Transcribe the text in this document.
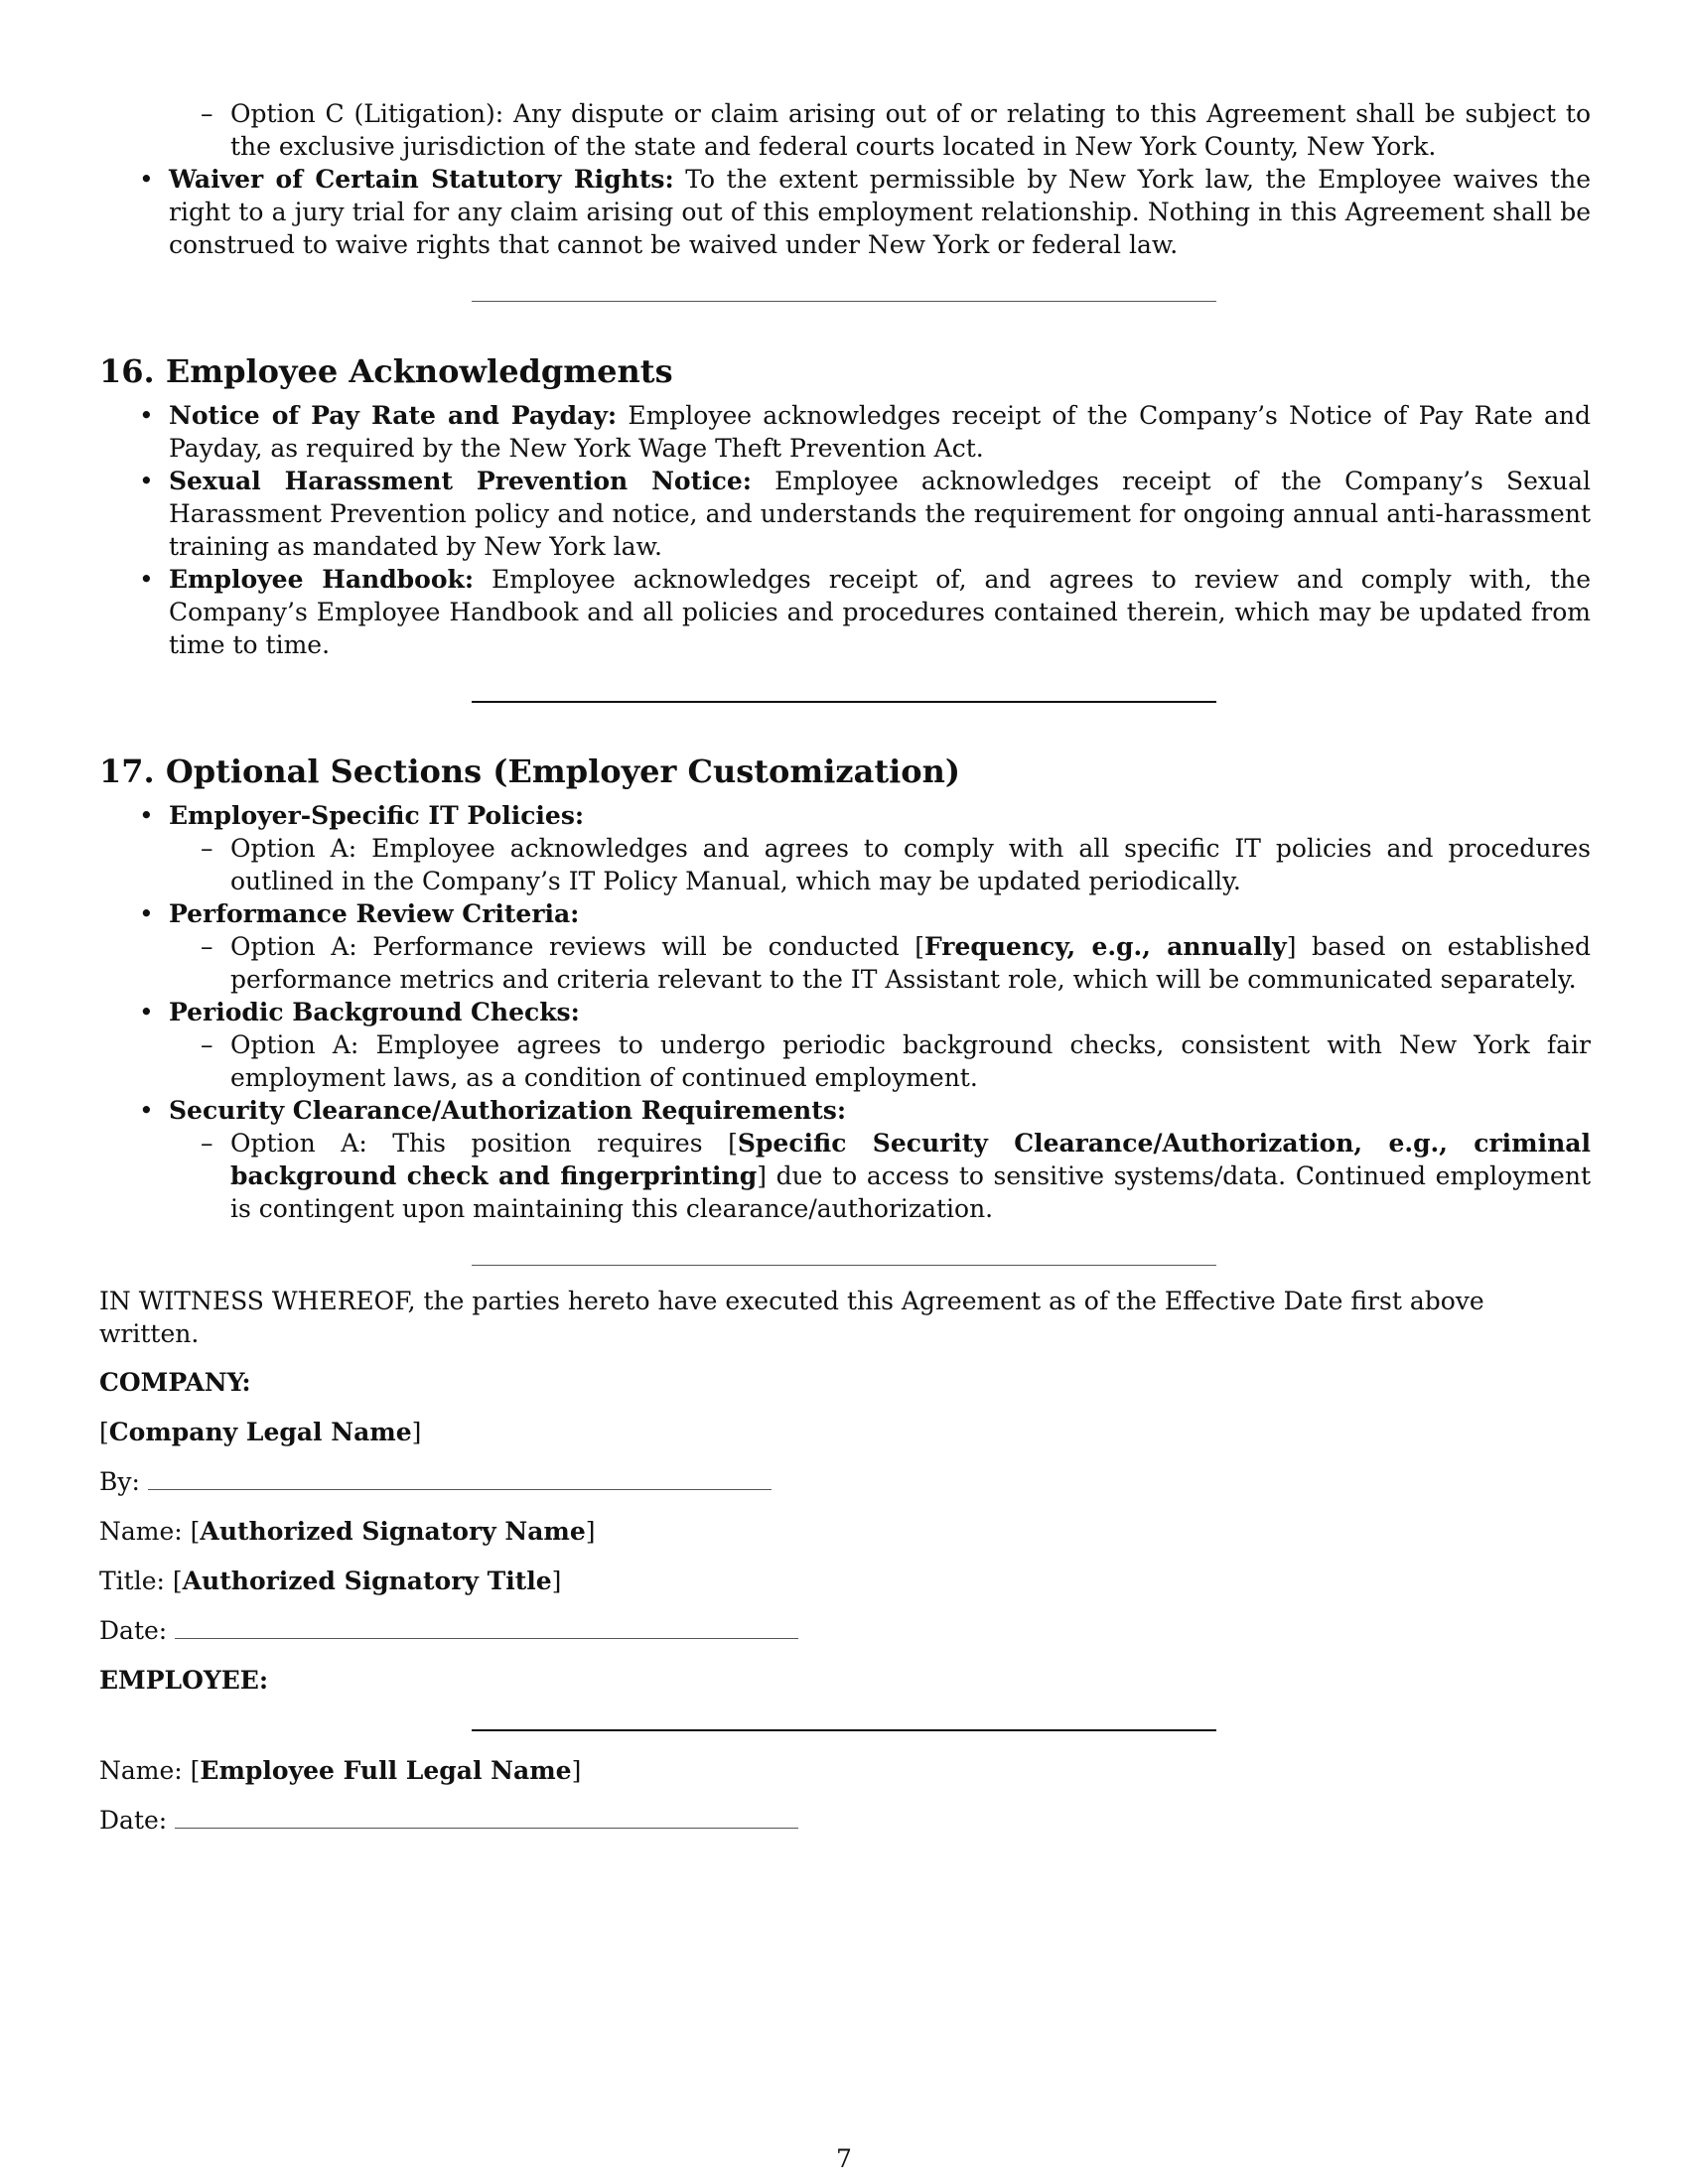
– Option C (Litigation): Any dispute or claim arising out of or relating to this Agreement shall be subject to the exclusive jurisdiction of the state and federal courts located in New York County, New York.
• Waiver of Certain Statutory Rights: To the extent permissible by New York law, the Employee waives the right to a jury trial for any claim arising out of this employment relationship. Nothing in this Agreement shall be construed to waive rights that cannot be waived under New York or federal law.
16. Employee Acknowledgments
• Notice of Pay Rate and Payday: Employee acknowledges receipt of the Company’s Notice of Pay Rate and Payday, as required by the New York Wage Theft Prevention Act.
• Sexual Harassment Prevention Notice: Employee acknowledges receipt of the Company’s Sexual Harassment Prevention policy and notice, and understands the requirement for ongoing annual anti-harassment training as mandated by New York law.
• Employee Handbook: Employee acknowledges receipt of, and agrees to review and comply with, the Company’s Employee Handbook and all policies and procedures contained therein, which may be updated from time to time.
17. Optional Sections (Employer Customization)
• Employer-Specific IT Policies:
– Option A: Employee acknowledges and agrees to comply with all specific IT policies and procedures outlined in the Company’s IT Policy Manual, which may be updated periodically.
• Performance Review Criteria:
– Option A: Performance reviews will be conducted [Frequency, e.g., annually] based on established performance metrics and criteria relevant to the IT Assistant role, which will be communicated separately.
• Periodic Background Checks:
– Option A: Employee agrees to undergo periodic background checks, consistent with New York fair employment laws, as a condition of continued employment.
• Security Clearance/Authorization Requirements:
– Option A: This position requires [Specific Security Clearance/Authorization, e.g., criminal background check and fingerprinting] due to access to sensitive systems/data. Continued employment is contingent upon maintaining this clearance/authorization.
IN WITNESS WHEREOF, the parties hereto have executed this Agreement as of the Effective Date first above written.
COMPANY:
[Company Legal Name]
By:
Name: [Authorized Signatory Name]
Title: [Authorized Signatory Title]
Date:
EMPLOYEE:
Name: [Employee Full Legal Name]
Date:
7
